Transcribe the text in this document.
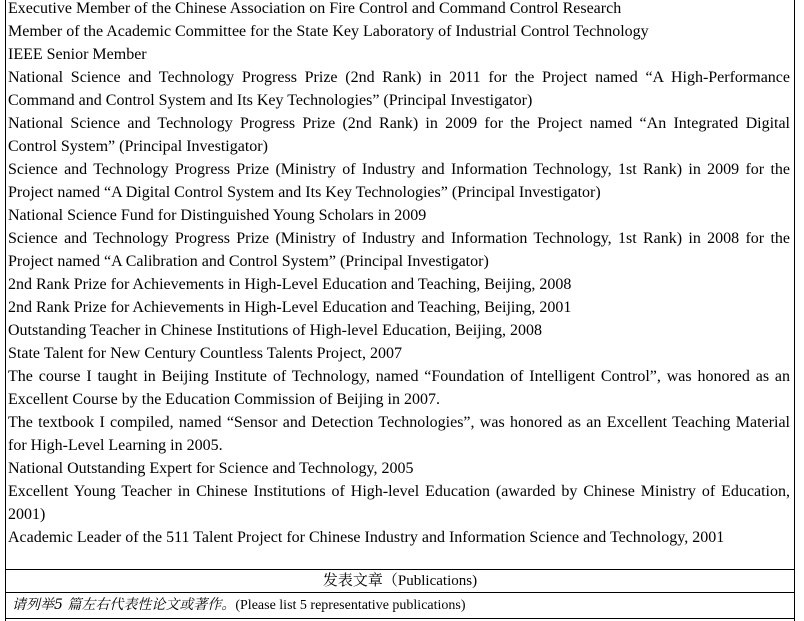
Executive Member of the Chinese Association on Fire Control and Command Control Research
Member of the Academic Committee for the State Key Laboratory of Industrial Control Technology
IEEE Senior Member
National Science and Technology Progress Prize (2nd Rank) in 2011 for the Project named “A High-Performance Command and Control System and Its Key Technologies” (Principal Investigator)
National Science and Technology Progress Prize (2nd Rank) in 2009 for the Project named “An Integrated Digital Control System” (Principal Investigator)
Science and Technology Progress Prize (Ministry of Industry and Information Technology, 1st Rank) in 2009 for the Project named “A Digital Control System and Its Key Technologies” (Principal Investigator)
National Science Fund for Distinguished Young Scholars in 2009
Science and Technology Progress Prize (Ministry of Industry and Information Technology, 1st Rank) in 2008 for the Project named “A Calibration and Control System” (Principal Investigator)
2nd Rank Prize for Achievements in High-Level Education and Teaching, Beijing, 2008
2nd Rank Prize for Achievements in High-Level Education and Teaching, Beijing, 2001
Outstanding Teacher in Chinese Institutions of High-level Education, Beijing, 2008
State Talent for New Century Countless Talents Project, 2007
The course I taught in Beijing Institute of Technology, named “Foundation of Intelligent Control”, was honored as an Excellent Course by the Education Commission of Beijing in 2007.
The textbook I compiled, named “Sensor and Detection Technologies”, was honored as an Excellent Teaching Material for High-Level Learning in 2005.
National Outstanding Expert for Science and Technology, 2005
Excellent Young Teacher in Chinese Institutions of High-level Education (awarded by Chinese Ministry of Education, 2001)
Academic Leader of the 511 Talent Project for Chinese Industry and Information Science and Technology, 2001
发表文章（Publications)
请列举5 篇左右代表性论文或著作。(Please list 5 representative publications)
